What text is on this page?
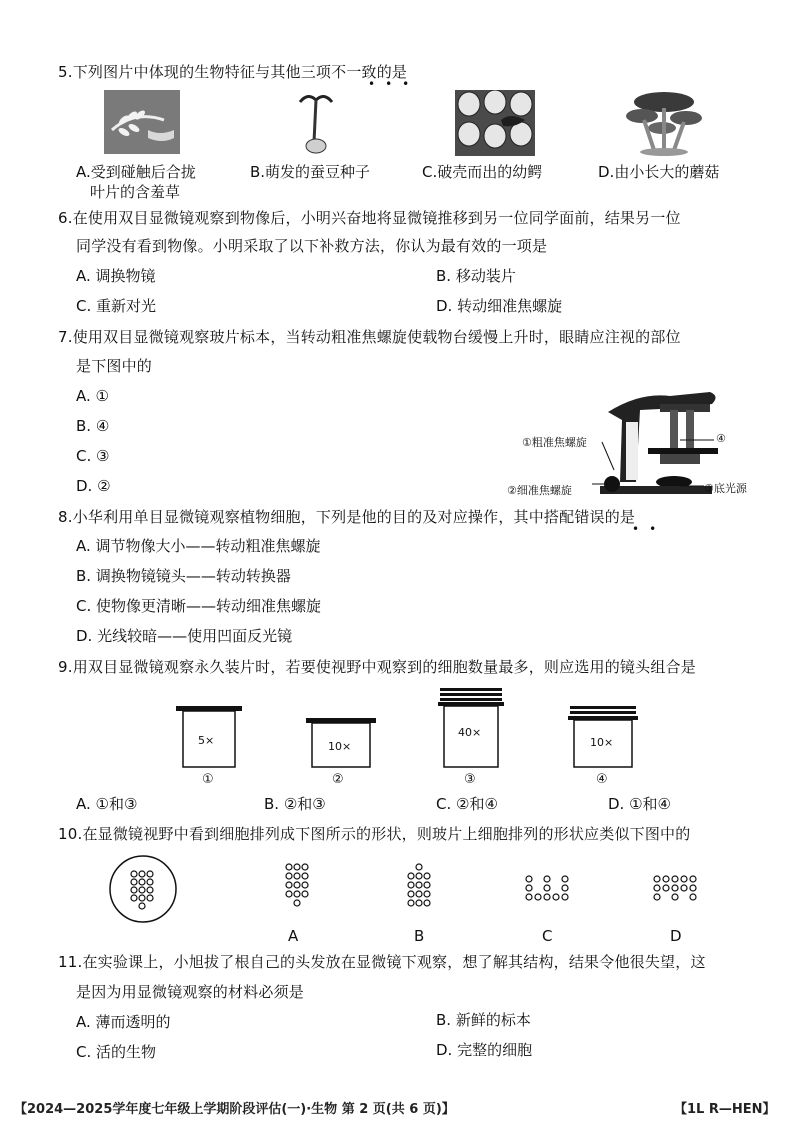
5.下列图片中体现的生物特征与其他三项不一致的是
•••
A.受到碰触后合拢
叶片的含羞草
B.萌发的蚕豆种子	C.破壳而出的幼鳄	D.由小长大的蘑菇
6.在使用双目显微镜观察到物像后，小明兴奋地将显微镜推移到另一位同学面前，结果另一位
同学没有看到物像。小明采取了以下补救方法，你认为最有效的一项是
A. 调换物镜	B. 移动装片
C. 重新对光	D. 转动细准焦螺旋
7.使用双目显微镜观察玻片标本，当转动粗准焦螺旋使载物台缓慢上升时，眼睛应注视的部位
是下图中的
A. ①
B. ④
C. ③
D. ②
①粗准焦螺旋
②细准焦螺旋	③底光源
④
8.小华利用单目显微镜观察植物细胞，下列是他的目的及对应操作，其中搭配错误的是
••
A. 调节物像大小——转动粗准焦螺旋
B. 调换物镜镜头——转动转换器
C. 使物像更清晰——转动细准焦螺旋
D. 光线较暗——使用凹面反光镜
9.用双目显微镜观察永久装片时，若要使视野中观察到的细胞数量最多，则应选用的镜头组合是
5×
①
10×
②
40×
③
10×
④
A. ①和③	B. ②和③	C. ②和④	D. ①和④
10.在显微镜视野中看到细胞排列成下图所示的形状，则玻片上细胞排列的形状应类似下图中的
A	B	C	D
11.在实验课上，小旭拔了根自己的头发放在显微镜下观察，想了解其结构，结果令他很失望，这
是因为用显微镜观察的材料必须是
A. 薄而透明的	B. 新鲜的标本
C. 活的生物	D. 完整的细胞
【2024—2025学年度七年级上学期阶段评估(一)·生物 第 2 页(共 6 页)】	【1L R—HEN】
